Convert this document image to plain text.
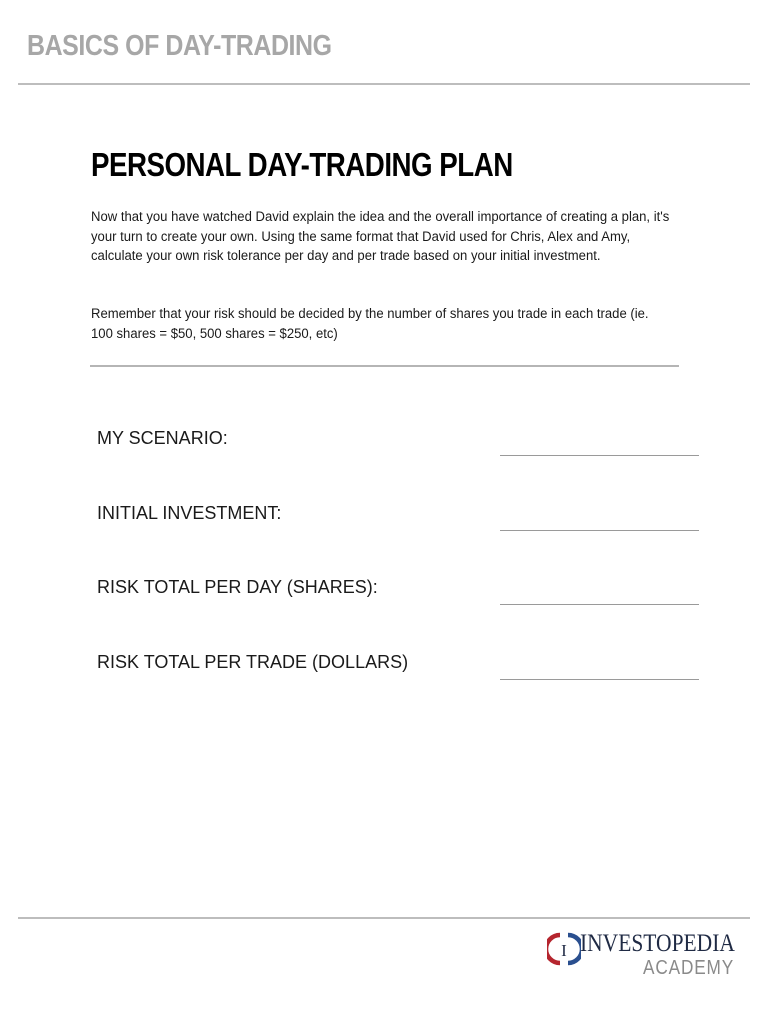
BASICS OF DAY-TRADING
PERSONAL DAY-TRADING PLAN

Now that you have watched David explain the idea and the overall importance of creating a plan, it's your turn to create your own. Using the same format that David used for Chris, Alex and Amy, calculate your own risk tolerance per day and per trade based on your initial investment.

Remember that your risk should be decided by the number of shares you trade in each trade (ie. 100 shares = $50, 500 shares = $250, etc)

MY SCENARIO:
INITIAL INVESTMENT:
RISK TOTAL PER DAY (SHARES):
RISK TOTAL PER TRADE (DOLLARS)
I INVESTOPEDIA
ACADEMY
